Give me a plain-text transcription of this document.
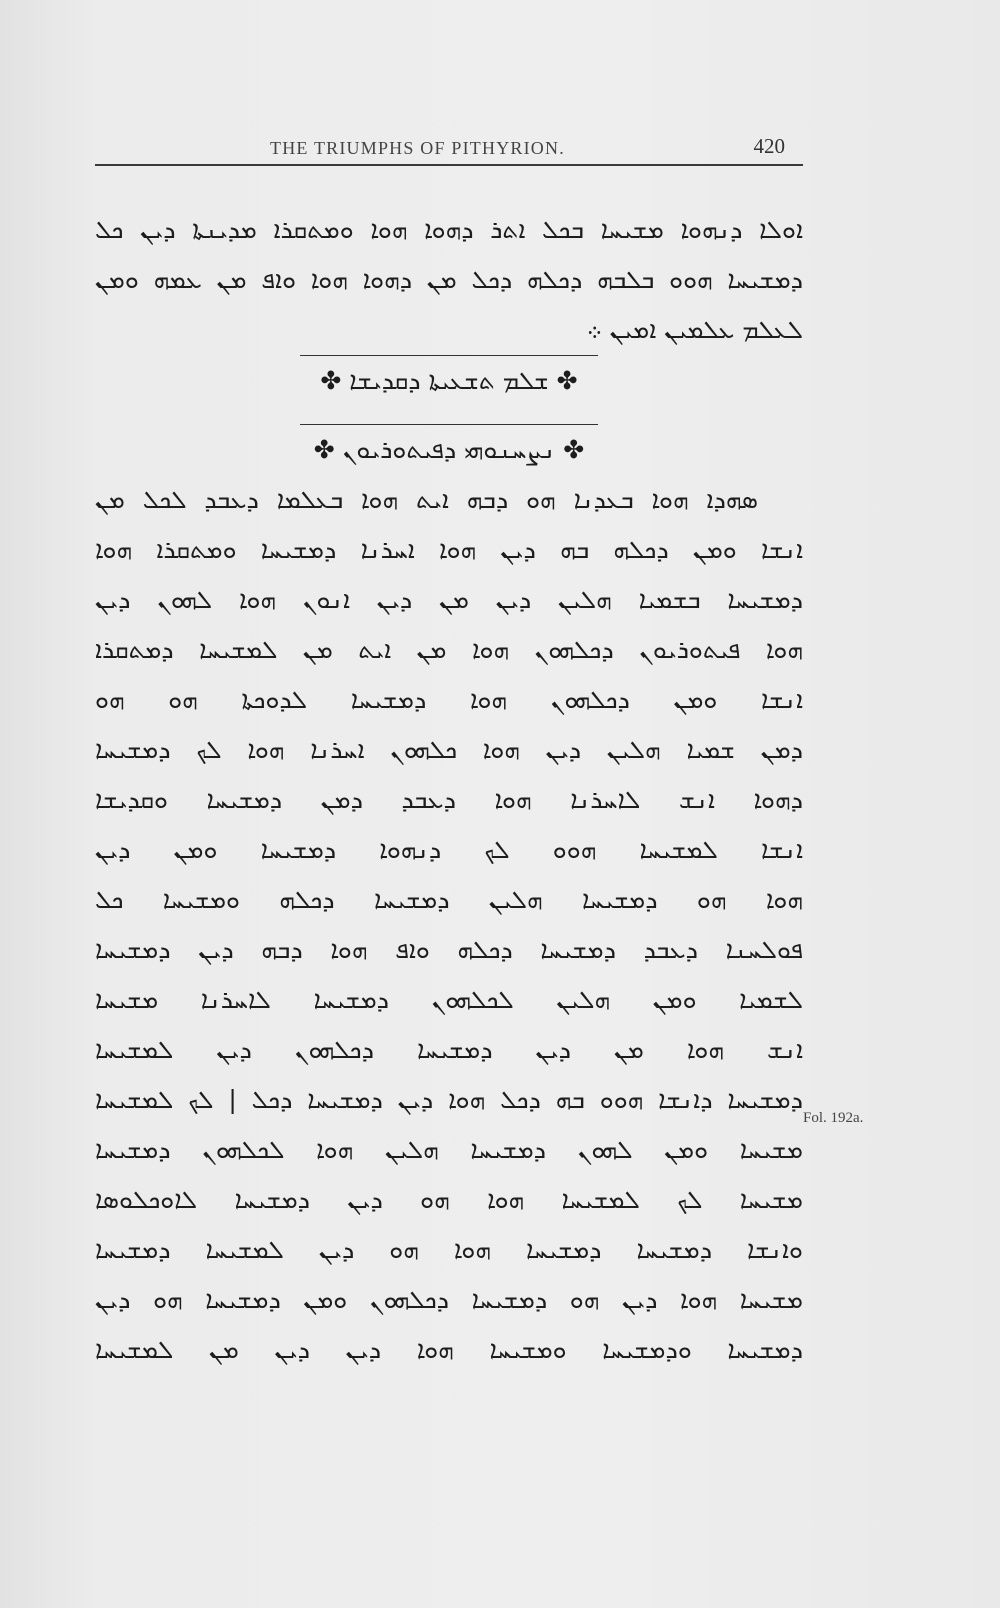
THE TRIUMPHS OF PITHYRION.	420
ܐܘܠܐ ܕܢܗܘܐ ܡܫܝܚܐ ܒܟܠ ܐܬܪ ܕܗܘܐ ܗܘܐ ܘܡܬܩܪܐ ܡܕܝܢܬܐ ܕܝܢ ܟܠ
ܕܡܫܝܚܐ ܗܘܘ ܒܠܒܗ ܕܟܠܗ ܕܟܠ ܡܢ ܕܗܘܐ ܗܘܐ ܘܐܦ ܡܢ ܥܡܗ ܘܡܢ
ܠܥܠܡ ܥܠܡܝܢ ܐܡܝܢ ܀
✤ ܫܠܡ ܬܫܥܝܬܐ ܕܩܕܝܫܐ ✤
✤ ܢܨܚܢܘܗܝ ܕܦܝܬܘܪܝܘܢ ✤
ܣܗܕܐ ܗܘܐ ܒܥܕܢܐ ܗܘ ܕܒܗ ܐܝܬ ܗܘܐ ܒܥܠܡܐ ܕܥܒܕ ܠܟܠ ܡܢ
ܐܢܫܐ ܘܡܢ ܕܟܠܗ ܒܗ ܕܝܢ ܗܘܐ ܐܚܪܢܐ ܕܡܫܝܚܐ ܘܡܬܩܪܐ ܗܘܐ
ܕܡܫܝܚܐ ܒܫܡܝܐ ܗܠܝܢ ܕܝܢ ܡܢ ܕܝܢ ܐܢܘܢ ܗܘܐ ܠܗܘܢ ܕܝܢ
ܗܘܐ ܦܝܬܘܪܝܘܢ ܕܟܠܗܘܢ ܗܘܐ ܡܢ ܐܝܬ ܡܢ ܠܡܫܝܚܐ ܕܡܬܩܪܐ
ܐܢܫܐ ܘܡܢ ܕܟܠܗܘܢ ܗܘܐ ܕܡܫܝܚܐ ܠܕܘܟܬܐ ܗܘ ܗܘ
ܕܡܢ ܫܡܝܐ ܗܠܝܢ ܕܝܢ ܗܘܐ ܟܠܗܘܢ ܐܚܪܢܐ ܗܘܐ ܠܟ ܕܡܫܝܚܐ
ܕܗܘܐ ܐܢܫ ܠܐܚܪܢܐ ܗܘܐ ܕܥܒܕ ܕܡܢ ܕܡܫܝܚܐ ܘܩܕܝܫܐ
ܐܢܫܐ ܠܡܫܝܚܐ ܗܘܘ ܠܟ ܕܢܗܘܐ ܕܡܫܝܚܐ ܘܡܢ ܕܝܢ
ܗܘܐ ܗܘ ܕܡܫܝܚܐ ܗܠܝܢ ܕܡܫܝܚܐ ܕܟܠܗ ܘܡܫܝܚܐ ܟܠ
ܦܘܠܚܢܐ ܕܥܒܕ ܕܡܫܝܚܐ ܕܟܠܗ ܘܐܦ ܗܘܐ ܕܒܗ ܕܝܢ ܕܡܫܝܚܐ
ܠܫܡܝܐ ܘܡܢ ܗܠܝܢ ܠܟܠܗܘܢ ܕܡܫܝܚܐ ܠܐܚܪܢܐ ܡܫܝܚܐ
ܐܢܫ ܗܘܐ ܡܢ ܕܝܢ ܕܡܫܝܚܐ ܕܟܠܗܘܢ ܕܝܢ ܠܡܫܝܚܐ
ܕܡܫܝܚܐ ܕܐܢܫܐ ܗܘܘ ܒܗ ܕܟܠ ܗܘܐ ܕܝܢ ܕܡܫܝܚܐ ܕܟܠ | ܠܟ ܠܡܫܝܚܐ
ܡܫܝܚܐ ܘܡܢ ܠܗܘܢ ܕܡܫܝܚܐ ܗܠܝܢ ܗܘܐ ܠܟܠܗܘܢ ܕܡܫܝܚܐ
ܡܫܝܚܐ ܠܟ ܠܡܫܝܚܐ ܗܘܐ ܗܘ ܕܝܢ ܕܡܫܝܚܐ ܠܐܘܟܠܘܣܐ
ܘܐܢܫܐ ܕܡܫܝܚܐ ܕܡܫܝܚܐ ܗܘܐ ܗܘ ܕܝܢ ܠܡܫܝܚܐ ܕܡܫܝܚܐ
ܡܫܝܚܐ ܗܘܐ ܕܝܢ ܗܘ ܕܡܫܝܚܐ ܕܟܠܗܘܢ ܘܡܢ ܕܡܫܝܚܐ ܗܘ ܕܝܢ
ܕܡܫܝܚܐ ܘܕܡܫܝܚܐ ܘܡܫܝܚܐ ܗܘܐ ܕܝܢ ܕܝܢ ܡܢ ܠܡܫܝܚܐ
Fol. 192a.
